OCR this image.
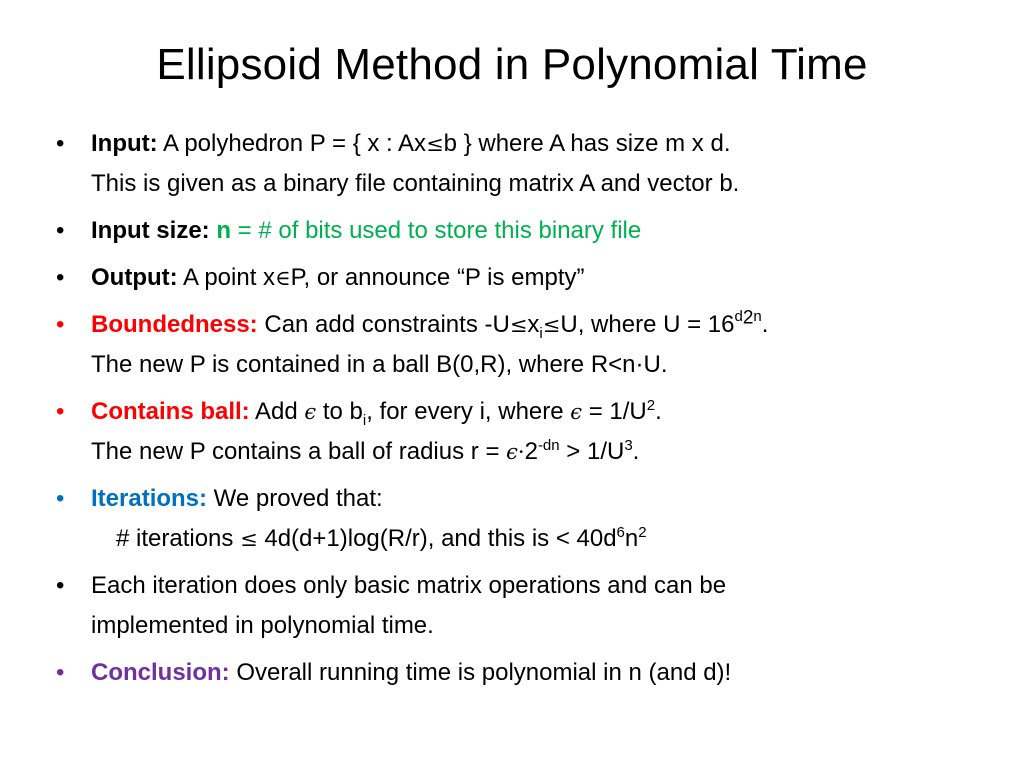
Ellipsoid Method in Polynomial Time
• Input: A polyhedron P = { x : Ax≤b } where A has size m x d.
This is given as a binary file containing matrix A and vector b.
• Input size: n = # of bits used to store this binary file
• Output: A point x∈P, or announce “P is empty”
• Boundedness: Can add constraints $-U\le x_i\le U$, where $U = 16^{d2n}$.
The new P is contained in a ball B(0,R), where R<n·U.
• Contains ball: Add ϵ to $b_i$, for every i, where $\epsilon = 1/U^2$.
The new P contains a ball of radius $r = \epsilon\cdot 2^{-dn} > 1/U^3$.
• Iterations: We proved that:
# iterations ≤ 4d(d+1)log(R/r), and this is < $40d^6n^2$
• Each iteration does only basic matrix operations and can be
implemented in polynomial time.
• Conclusion: Overall running time is polynomial in n (and d)!
